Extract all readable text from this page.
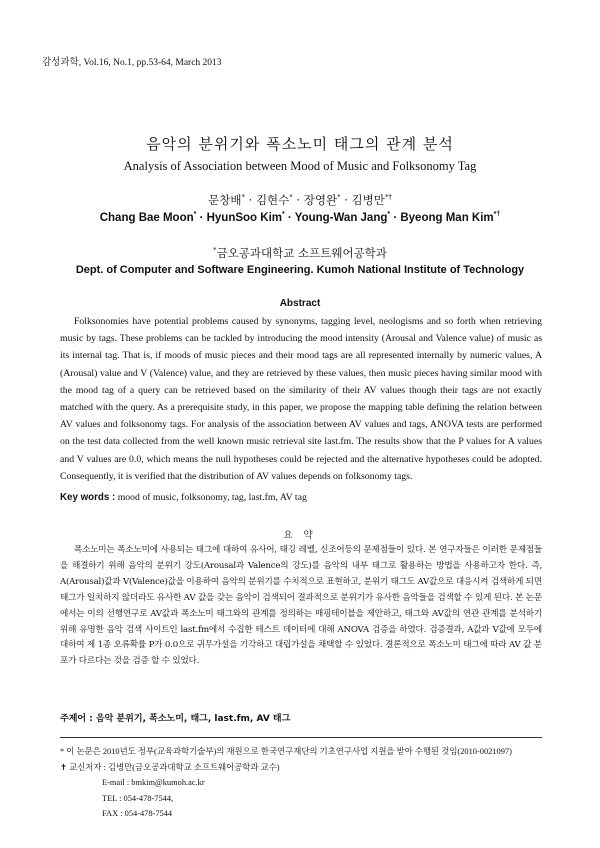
감성과학, Vol.16, No.1, pp.53-64, March 2013
음악의 분위기와 폭소노미 태그의 관계 분석
Analysis of Association between Mood of Music and Folksonomy Tag
문창배* · 김현수* · 장영완* · 김병만*†
Chang Bae Moon* · HyunSoo Kim* · Young-Wan Jang* · Byeong Man Kim*†
*금오공과대학교 소프트웨어공학과
Dept. of Computer and Software Engineering. Kumoh National Institute of Technology
Abstract

Folksonomies have potential problems caused by synonyms, tagging level, neologisms and so forth when retrieving music by tags. These problems can be tackled by introducing the mood intensity (Arousal and Valence value) of music as its internal tag. That is, if moods of music pieces and their mood tags are all represented internally by numeric values, A (Arousal) value and V (Valence) value, and they are retrieved by these values, then music pieces having similar mood with the mood tag of a query can be retrieved based on the similarity of their AV values though their tags are not exactly matched with the query. As a prerequisite study, in this paper, we propose the mapping table defining the relation between AV values and folksonomy tags. For analysis of the association between AV values and tags, ANOVA tests are performed on the test data collected from the well known music retrieval site last.fm. The results show that the P values for A values and V values are 0.0, which means the null hypotheses could be rejected and the alternative hypotheses could be adopted. Consequently, it is verified that the distribution of AV values depends on folksonomy tags.

Key words : mood of music, folksonomy, tag, last.fm, AV tag
요 약

폭소노미는 폭소노미에 사용되는 태그에 대하여 유사어, 태깅 레벨, 신조어등의 문제점들이 있다. 본 연구자들은 이러한 문제점들을 해결하기 위해 음악의 분위기 강도(Arousal과 Valence의 강도)를 음악의 내부 태그로 활용하는 방법을 사용하고자 한다. 즉, A(Arousal)값과 V(Valence)값을 이용하여 음악의 분위기를 수치적으로 표현하고, 분위기 태그도 AV값으로 대응시켜 검색하게 되면 태그가 일치하지 않더라도 유사한 AV 값을 갖는 음악이 검색되어 결과적으로 분위기가 유사한 음악들을 검색할 수 있게 된다. 본 논문에서는 이의 선행연구로 AV값과 폭소노미 태그와의 관계를 정의하는 매핑테이블을 제안하고, 태그와 AV값의 연관 관계를 분석하기 위해 유명한 음악 검색 사이트인 last.fm에서 수집한 테스트 데이터에 대해 ANOVA 검증을 하였다. 검증결과, A값과 V값에 모두에 대하여 제 1종 오류확률 P가 0.0으로 귀무가설을 기각하고 대립가설을 채택할 수 있었다. 결론적으로 폭소노미 태그에 따라 AV 값 분포가 다르다는 것을 검증 할 수 있었다.

주제어 : 음악 분위기, 폭소노미, 태그, last.fm, AV 태그
* 이 논문은 2010년도 정부(교육과학기술부)의 재원으로 한국연구재단의 기초연구사업 지원을 받아 수행된 것임(2010-0021097)
✝ 교신저자 : 김병만(금오공과대학교 소프트웨어공학과 교수)
E-mail : bmkim@kumoh.ac.kr
TEL : 054-478-7544,
FAX : 054-478-7544
